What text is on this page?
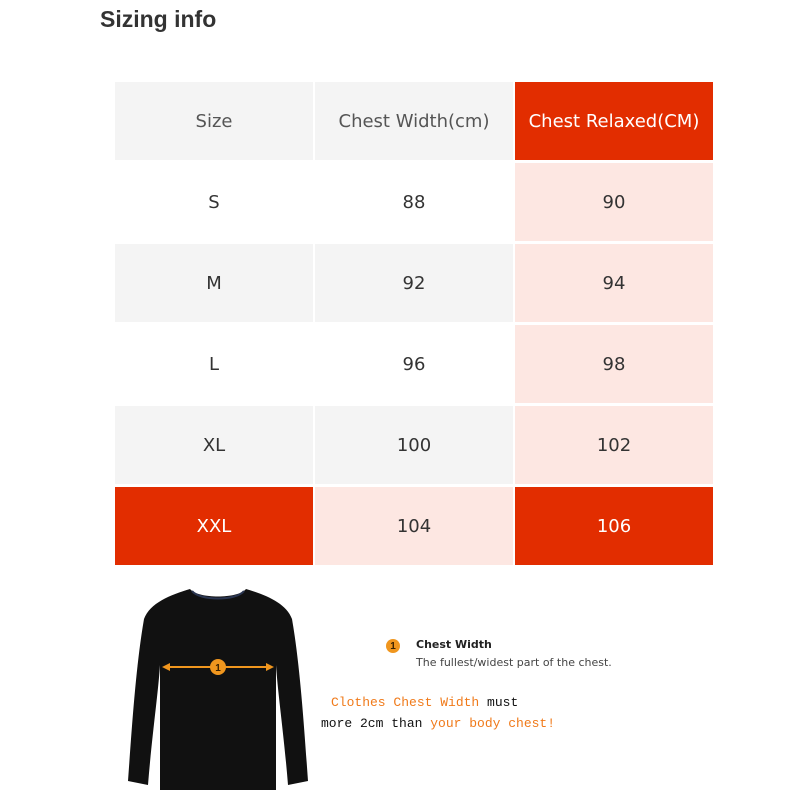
Sizing info
Size	Chest Width(cm)	Chest Relaxed(CM)
S	88	90
M	92	94
L	96	98
XL	100	102
XXL	104	106
1
1	Chest Width
The fullest/widest part of the chest.
Clothes Chest Width must
more 2cm than your body chest!
